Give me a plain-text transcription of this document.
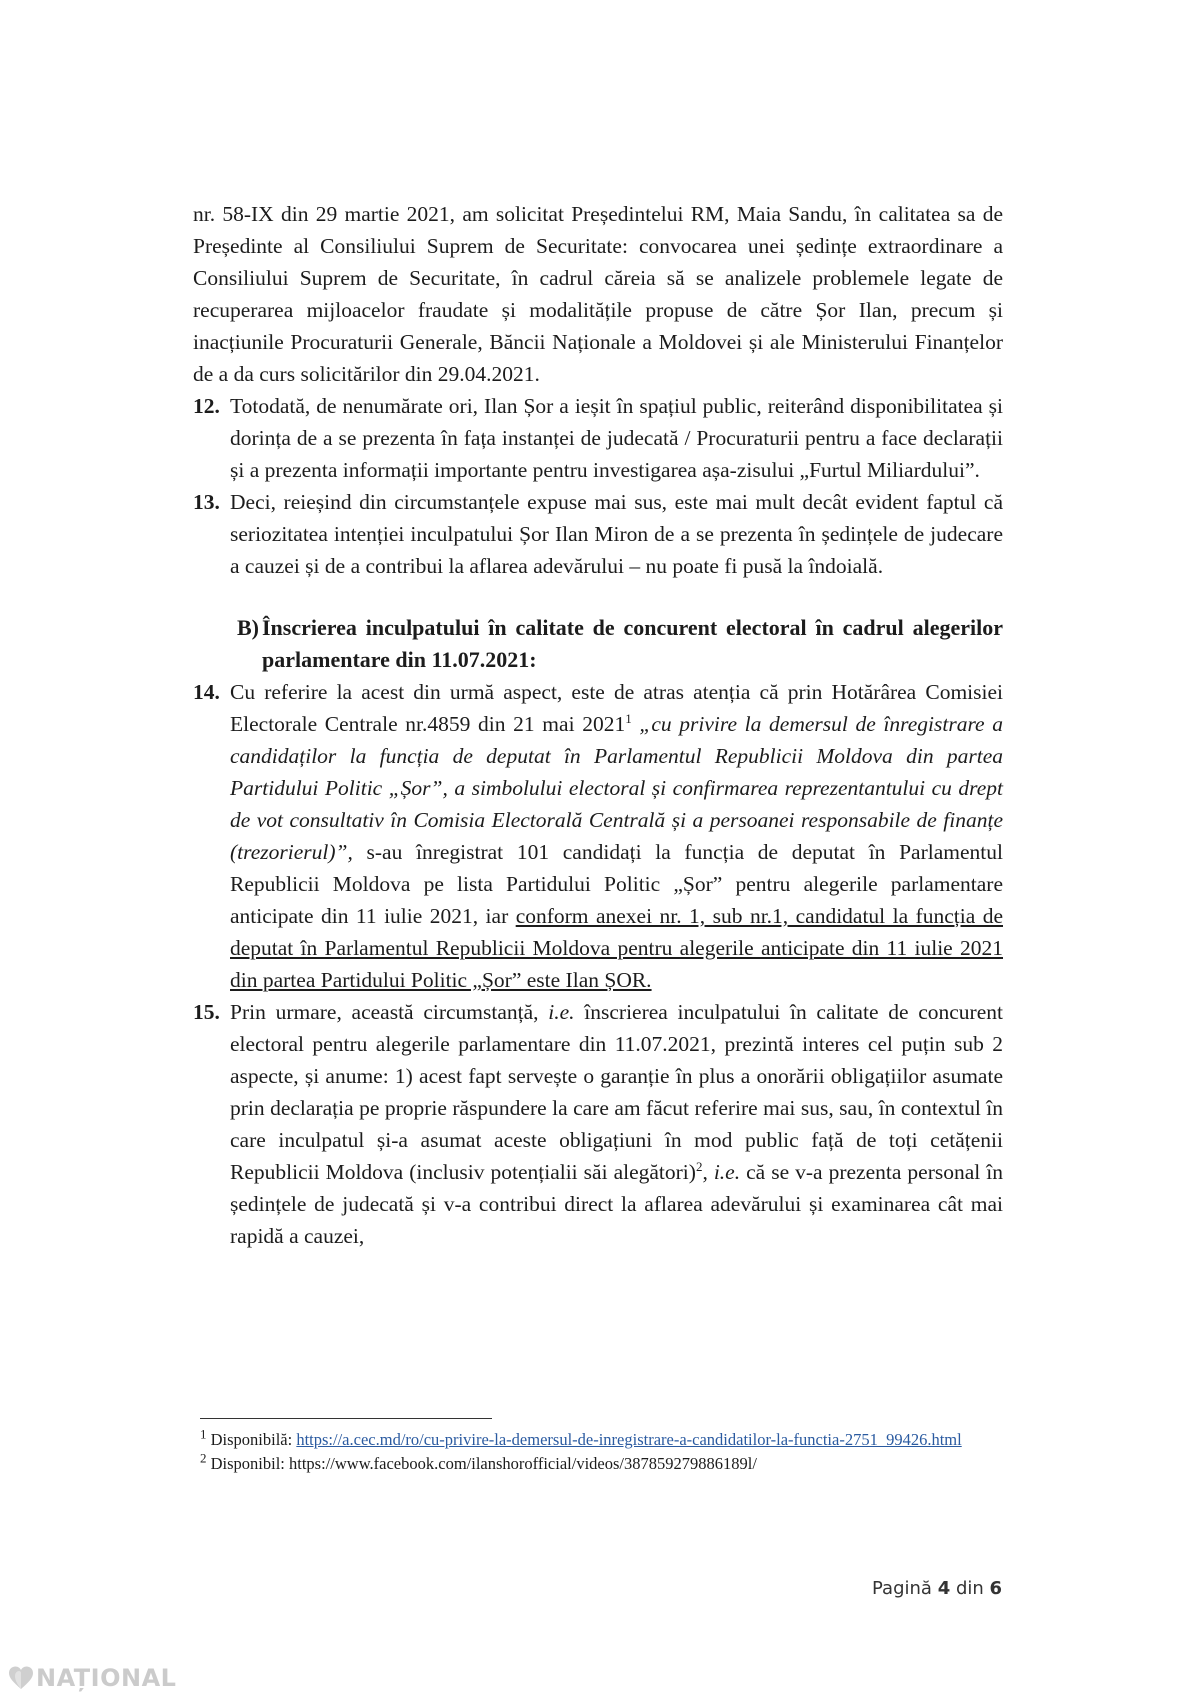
nr. 58-IX din 29 martie 2021, am solicitat Președintelui RM, Maia Sandu, în calitatea sa de Președinte al Consiliului Suprem de Securitate: convocarea unei ședințe extraordinare a Consiliului Suprem de Securitate, în cadrul căreia să se analizele problemele legate de recuperarea mijloacelor fraudate și modalitățile propuse de către Șor Ilan, precum și inacțiunile Procuraturii Generale, Băncii Naționale a Moldovei și ale Ministerului Finanțelor de a da curs solicitărilor din 29.04.2021.

12. Totodată, de nenumărate ori, Ilan Șor a ieșit în spațiul public, reiterând disponibilitatea și dorința de a se prezenta în fața instanței de judecată / Procuraturii pentru a face declarații și a prezenta informații importante pentru investigarea așa-zisului „Furtul Miliardului”.

13. Deci, reieșind din circumstanțele expuse mai sus, este mai mult decât evident faptul că seriozitatea intenției inculpatului Șor Ilan Miron de a se prezenta în ședințele de judecare a cauzei și de a contribui la aflarea adevărului – nu poate fi pusă la îndoială.

B) Înscrierea inculpatului în calitate de concurent electoral în cadrul alegerilor parlamentare din 11.07.2021:

14. Cu referire la acest din urmă aspect, este de atras atenția că prin Hotărârea Comisiei Electorale Centrale nr.4859 din 21 mai 2021$^1$ „cu privire la demersul de înregistrare a candidaților la funcția de deputat în Parlamentul Republicii Moldova din partea Partidului Politic „Șor”, a simbolului electoral și confirmarea reprezentantului cu drept de vot consultativ în Comisia Electorală Centrală și a persoanei responsabile de finanțe (trezorierul)”, s-au înregistrat 101 candidați la funcția de deputat în Parlamentul Republicii Moldova pe lista Partidului Politic „Șor” pentru alegerile parlamentare anticipate din 11 iulie 2021, iar conform anexei nr. 1, sub nr.1, candidatul la funcția de deputat în Parlamentul Republicii Moldova pentru alegerile anticipate din 11 iulie 2021 din partea Partidului Politic „Șor” este Ilan ȘOR.

15. Prin urmare, această circumstanță, i.e. înscrierea inculpatului în calitate de concurent electoral pentru alegerile parlamentare din 11.07.2021, prezintă interes cel puțin sub 2 aspecte, și anume: 1) acest fapt servește o garanție în plus a onorării obligațiilor asumate prin declarația pe propriе răspundere la care am făcut referire mai sus, sau, în contextul în care inculpatul și-a asumat aceste obligațiuni în mod public față de toți cetățenii Republicii Moldova (inclusiv potențialii săi alegători)$^2$, i.e. că se v-a prezenta personal în ședințele de judecată și v-a contribui direct la aflarea adevărului și examinarea cât mai rapidă a cauzei,

$^1$ Disponibilă: https://a.cec.md/ro/cu-privire-la-demersul-de-inregistrare-a-candidatilor-la-functia-2751_99426.html

$^2$ Disponibil: https://www.facebook.com/ilanshorofficial/videos/387859279886189l/

Pagină 4 din 6
NAȚIONAL
